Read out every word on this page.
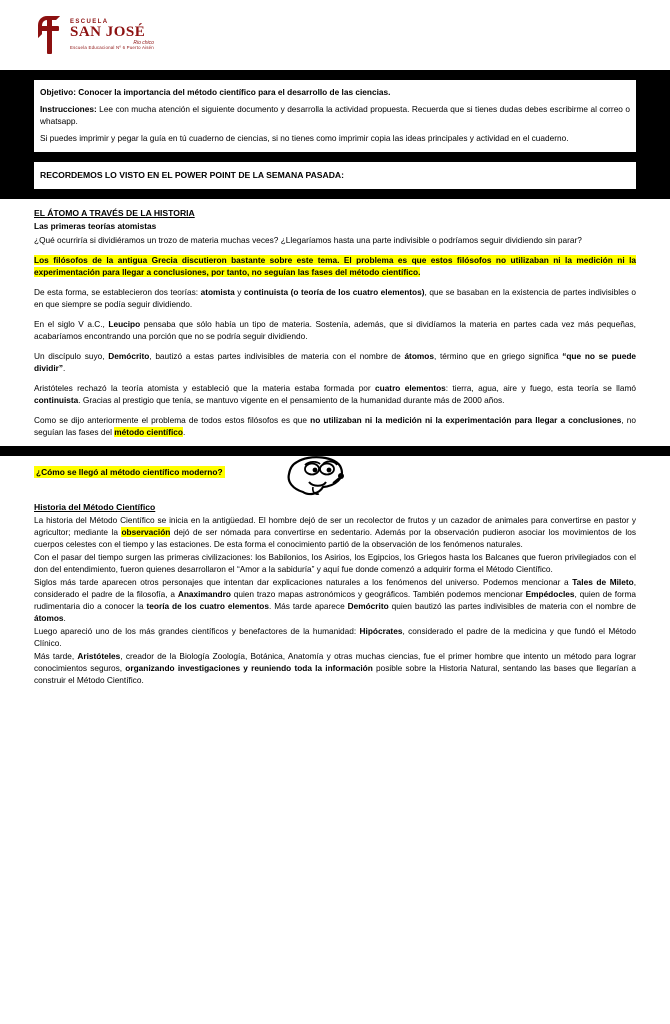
ESCUELA
SAN JOSÉ
Rio chico
Escuela Educacional Nº 6 Puerto Aisén

Objetivo: Conocer la importancia del método científico para el desarrollo de las ciencias.

Instrucciones: Lee con mucha atención el siguiente documento y desarrolla la actividad propuesta. Recuerda que si tienes dudas debes escribirme al correo o whatsapp.

Si puedes imprimir y pegar la guía en tú cuaderno de ciencias, si no tienes como imprimir copia las ideas principales y actividad en el cuaderno.

RECORDEMOS LO VISTO EN EL POWER POINT DE LA SEMANA PASADA:

EL ÁTOMO A TRAVÉS DE LA HISTORIA
Las primeras teorías atomistas

¿Qué ocurriría si dividiéramos un trozo de materia muchas veces? ¿Llegaríamos hasta una parte indivisible o podríamos seguir dividiendo sin parar?

Los filósofos de la antigua Grecia discutieron bastante sobre este tema. El problema es que estos filósofos no utilizaban ni la medición ni la experimentación para llegar a conclusiones, por tanto, no seguían las fases del método científico.

De esta forma, se establecieron dos teorías: atomista y continuista (o teoría de los cuatro elementos), que se basaban en la existencia de partes indivisibles o en que siempre se podía seguir dividiendo.

En el siglo V a.C., Leucipo pensaba que sólo había un tipo de materia. Sostenía, además, que si dividíamos la materia en partes cada vez más pequeñas, acabaríamos encontrando una porción que no se podría seguir dividiendo.

Un discípulo suyo, Demócrito, bautizó a estas partes indivisibles de materia con el nombre de átomos, término que en griego significa “que no se puede dividir”.

Aristóteles rechazó la teoría atomista y estableció que la materia estaba formada por cuatro elementos: tierra, agua, aire y fuego, esta teoría se llamó continuista. Gracias al prestigio que tenía, se mantuvo vigente en el pensamiento de la humanidad durante más de 2000 años.

Como se dijo anteriormente el problema de todos estos filósofos es que no utilizaban ni la medición ni la experimentación para llegar a conclusiones, no seguían las fases del método científico.

¿Cómo se llegó al método científico moderno?
Historia del Método Científico

La historia del Método Científico se inicia en la antigüedad. El hombre dejó de ser un recolector de frutos y un cazador de animales para convertirse en pastor y agricultor; mediante la observación dejó de ser nómada para convertirse en sedentario. Además por la observación pudieron asociar los movimientos de los cuerpos celestes con el tiempo y las estaciones. De esta forma el conocimiento partió de la observación de los fenómenos naturales.

Con el pasar del tiempo surgen las primeras civilizaciones: los Babilonios, los Asirios, los Egipcios, los Griegos hasta los Balcanes que fueron privilegiados con el don del entendimiento, fueron quienes desarrollaron el “Amor a la sabiduría” y aquí fue donde comenzó a adquirir forma el Método Científico.

Siglos más tarde aparecen otros personajes que intentan dar explicaciones naturales a los fenómenos del universo. Podemos mencionar a Tales de Mileto, considerado el padre de la filosofía, a Anaximandro quien trazo mapas astronómicos y geográficos. También podemos mencionar Empédocles, quien de forma rudimentaria dio a conocer la teoría de los cuatro elementos. Más tarde aparece Demócrito quien bautizó las partes indivisibles de materia con el nombre de átomos.

Luego apareció uno de los más grandes científicos y benefactores de la humanidad: Hipócrates, considerado el padre de la medicina y que fundó el Método Clínico.

Más tarde, Aristóteles, creador de la Biología Zoología, Botánica, Anatomía y otras muchas ciencias, fue el primer hombre que intento un método para lograr conocimientos seguros, organizando investigaciones y reuniendo toda la información posible sobre la Historia Natural, sentando las bases que llegarían a construir el Método Científico.
